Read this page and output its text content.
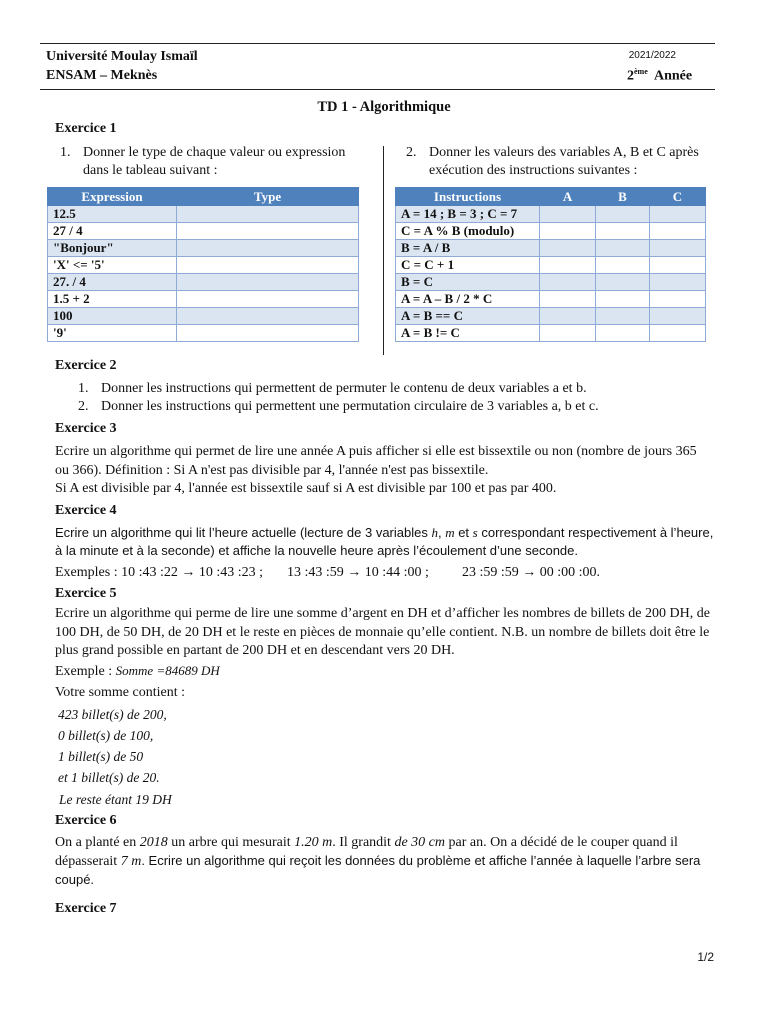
Université Moulay Ismaïl
ENSAM – Meknès
2021/2022
2ème Année
TD 1 - Algorithmique
Exercice 1
1. Donner le type de chaque valeur ou expression
dans le tableau suivant :
2. Donner les valeurs des variables A, B et C après
exécution des instructions suivantes :
Expression	Type
12.5	
27 / 4	
"Bonjour"	
'X' <= '5'	
27. / 4	
1.5 + 2	
100	
'9'	
Instructions	A	B	C
A = 14 ; B = 3 ; C = 7			
C = A % B (modulo)			
B = A / B			
C = C + 1			
B = C			
A = A – B / 2 * C			
A = B == C			
A = B != C			
Exercice 2
1. Donner les instructions qui permettent de permuter le contenu de deux variables a et b.
2. Donner les instructions qui permettent une permutation circulaire de 3 variables a, b et c.
Exercice 3
Ecrire un algorithme qui permet de lire une année A puis afficher si elle est bissextile ou non (nombre de jours 365
ou 366). Définition : Si A n'est pas divisible par 4, l'année n'est pas bissextile.
Si A est divisible par 4, l'année est bissextile sauf si A est divisible par 100 et pas par 400.
Exercice 4
Ecrire un algorithme qui lit l’heure actuelle (lecture de 3 variables h, m et s correspondant respectivement à l’heure,
à la minute et à la seconde) et affiche la nouvelle heure après l’écoulement d’une seconde.
Exemples : 10 :43 :22 → 10 :43 :23 ; 13 :43 :59 → 10 :44 :00 ; 23 :59 :59 → 00 :00 :00.
Exercice 5
Ecrire un algorithme qui perme de lire une somme d’argent en DH et d’afficher les nombres de billets de 200 DH, de
100 DH, de 50 DH, de 20 DH et le reste en pièces de monnaie qu’elle contient. N.B. un nombre de billets doit être le
plus grand possible en partant de 200 DH et en descendant vers 20 DH.
Exemple : Somme =84689 DH
Votre somme contient :
423 billet(s) de 200,
0 billet(s) de 100,
1 billet(s) de 50
et 1 billet(s) de 20.
Le reste étant 19 DH
Exercice 6
On a planté en 2018 un arbre qui mesurait 1.20 m. Il grandit de 30 cm par an. On a décidé de le couper quand il
dépasserait 7 m. Ecrire un algorithme qui reçoit les données du problème et affiche l’année à laquelle l’arbre sera
coupé.
Exercice 7
1/2
